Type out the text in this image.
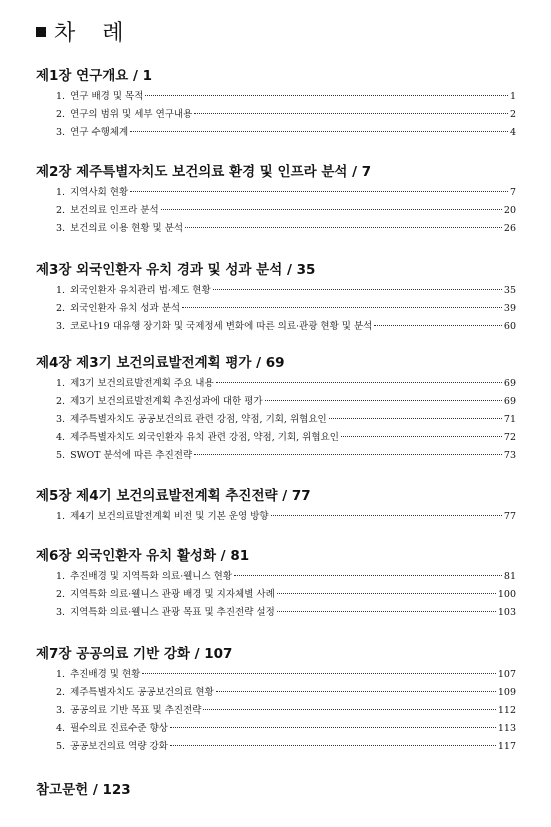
차 례
제1장 연구개요 / 1
1. 연구 배경 및 목적	1
2. 연구의 범위 및 세부 연구내용	2
3. 연구 수행체계	4
제2장 제주특별자치도 보건의료 환경 및 인프라 분석 / 7
1. 지역사회 현황	7
2. 보건의료 인프라 분석	20
3. 보건의료 이용 현황 및 분석	26
제3장 외국인환자 유치 경과 및 성과 분석 / 35
1. 외국인환자 유치관리 법·제도 현황	35
2. 외국인환자 유치 성과 분석	39
3. 코로나19 대유행 장기화 및 국제정세 변화에 따른 의료·관광 현황 및 분석	60
제4장 제3기 보건의료발전계획 평가 / 69
1. 제3기 보건의료발전계획 주요 내용	69
2. 제3기 보건의료발전계획 추진성과에 대한 평가	69
3. 제주특별자치도 공공보건의료 관련 강점, 약점, 기회, 위협요인	71
4. 제주특별자치도 외국인환자 유치 관련 강점, 약점, 기회, 위협요인	72
5. SWOT 분석에 따른 추진전략	73
제5장 제4기 보건의료발전계획 추진전략 / 77
1. 제4기 보건의료발전계획 비전 및 기본 운영 방향	77
제6장 외국인환자 유치 활성화 / 81
1. 추진배경 및 지역특화 의료·웰니스 현황	81
2. 지역특화 의료·웰니스 관광 배경 및 지자체별 사례	100
3. 지역특화 의료·웰니스 관광 목표 및 추진전략 설정	103
제7장 공공의료 기반 강화 / 107
1. 추진배경 및 현황	107
2. 제주특별자치도 공공보건의료 현황	109
3. 공공의료 기반 목표 및 추진전략	112
4. 필수의료 진료수준 향상	113
5. 공공보건의료 역량 강화	117
참고문헌 / 123
